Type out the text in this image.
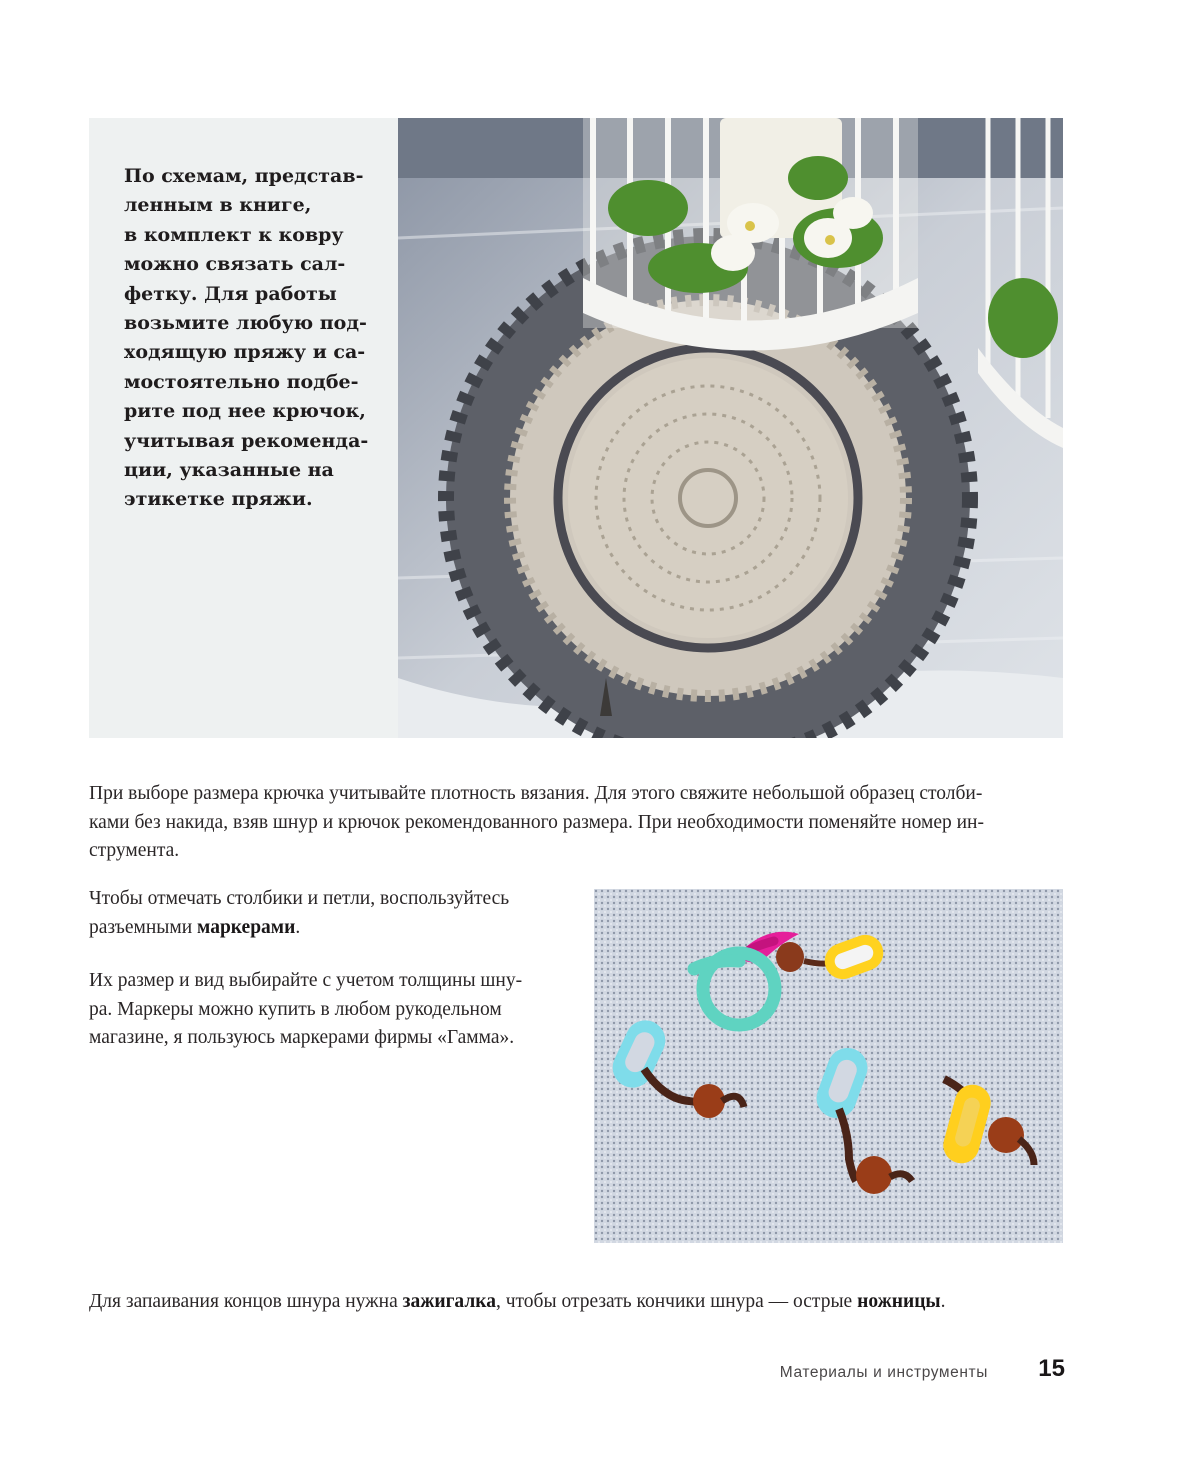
По схемам, представ-
ленным в книге,
в комплект к ковру
можно связать сал-
фетку. Для работы
возьмите любую под-
ходящую пряжу и са-
мостоятельно подбе-
рите под нее крючок,
учитывая рекоменда-
ции, указанные на
этикетке пряжи.

При выборе размера крючка учитывайте плотность вязания. Для этого свяжите небольшой образец столби-
ками без накида, взяв шнур и крючок рекомендованного размера. При необходимости поменяйте номер ин-
струмента.

Чтобы отмечать столбики и петли, воспользуйтесь
разъемными маркерами.

Их размер и вид выбирайте с учетом толщины шну-
ра. Маркеры можно купить в любом рукодельном
магазине, я пользуюсь маркерами фирмы «Гамма».

Для запаивания концов шнура нужна зажигалка, чтобы отрезать кончики шнура — острые ножницы.

Материалы и инструменты 15
